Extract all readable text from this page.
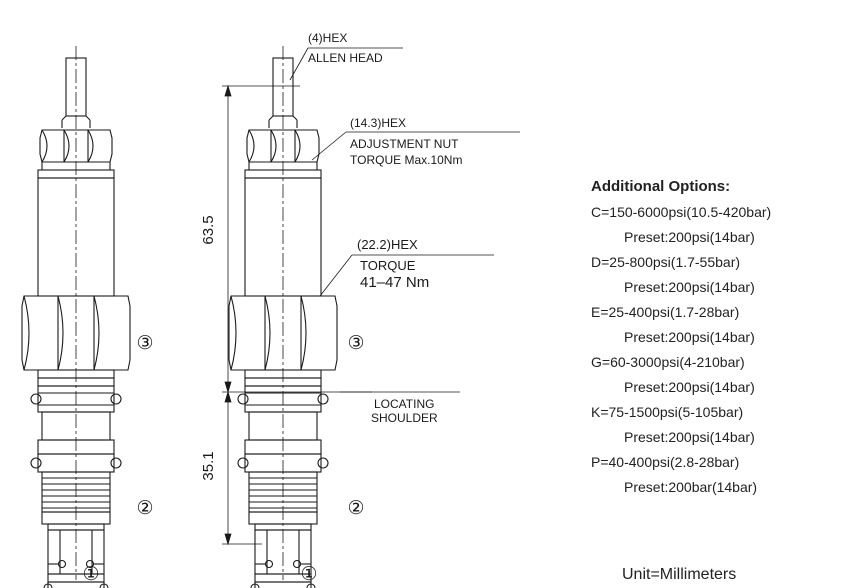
(4)HEX
ALLEN HEAD
(14.3)HEX
ADJUSTMENT NUT
TORQUE Max.10Nm
(22.2)HEX
TORQUE
41–47 Nm
LOCATING
SHOULDER
63.5
35.1
③	③
②	②
①	①
Additional Options:
C=150-6000psi(10.5-420bar)
Preset:200psi(14bar)
D=25-800psi(1.7-55bar)
Preset:200psi(14bar)
E=25-400psi(1.7-28bar)
Preset:200psi(14bar)
G=60-3000psi(4-210bar)
Preset:200psi(14bar)
K=75-1500psi(5-105bar)
Preset:200psi(14bar)
P=40-400psi(2.8-28bar)
Preset:200bar(14bar)
Unit=Millimeters
